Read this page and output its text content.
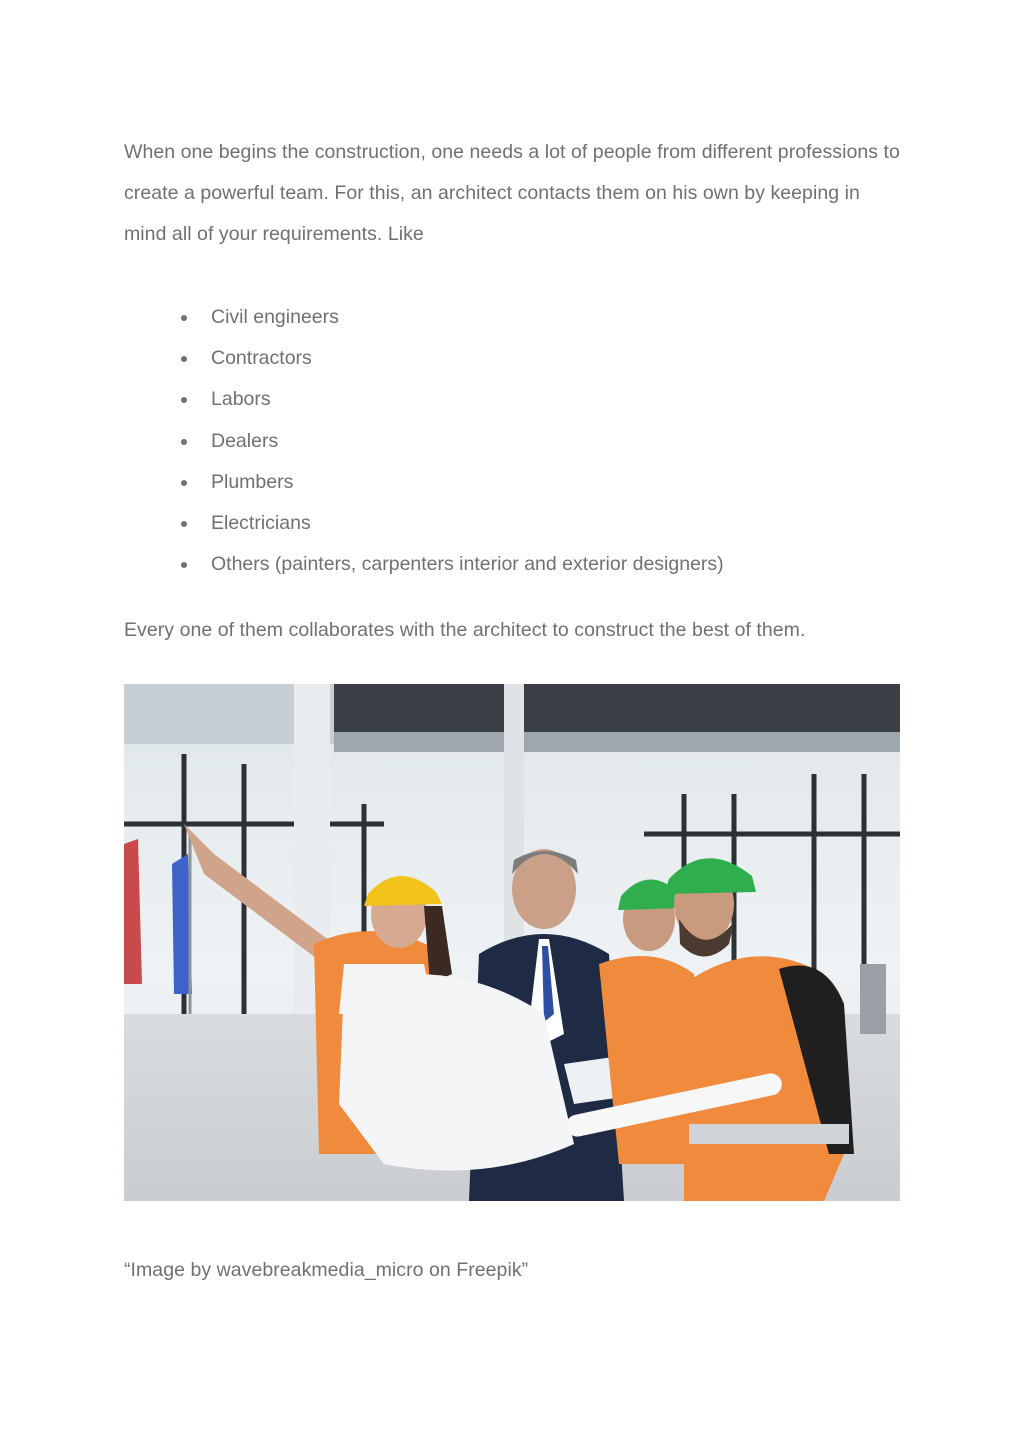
When one begins the construction, one needs a lot of people from different professions to create a powerful team. For this, an architect contacts them on his own by keeping in mind all of your requirements. Like

Civil engineers
Contractors
Labors
Dealers
Plumbers
Electricians
Others (painters, carpenters interior and exterior designers)

Every one of them collaborates with the architect to construct the best of them.

“Image by wavebreakmedia_micro on Freepik”
